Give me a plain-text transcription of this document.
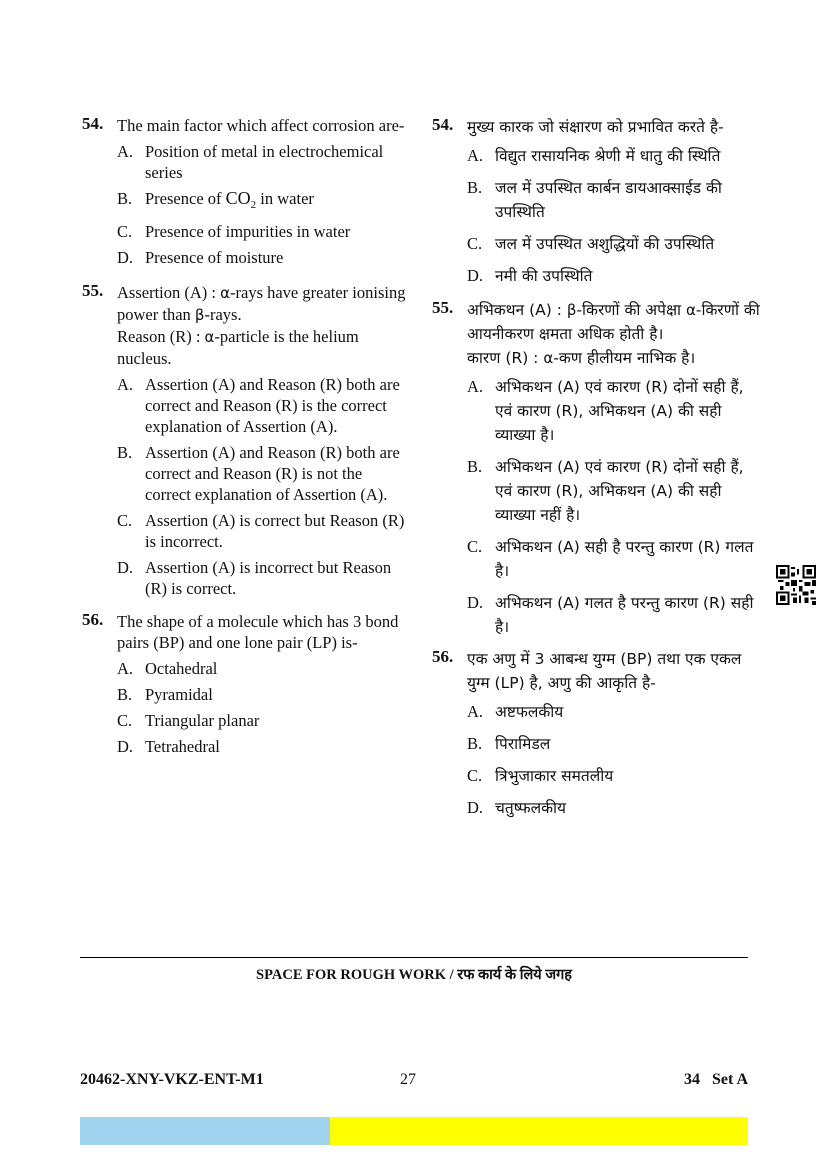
54. The main factor which affect corrosion are-
A. Position of metal in electrochemical series
B. Presence of $CO_2$ in water
C. Presence of impurities in water
D. Presence of moisture
55. Assertion (A) : α-rays have greater ionising power than β-rays.
Reason (R) : α-particle is the helium nucleus.
A. Assertion (A) and Reason (R) both are correct and Reason (R) is the correct explanation of Assertion (A).
B. Assertion (A) and Reason (R) both are correct and Reason (R) is not the correct explanation of Assertion (A).
C. Assertion (A) is correct but Reason (R) is incorrect.
D. Assertion (A) is incorrect but Reason (R) is correct.
56. The shape of a molecule which has 3 bond pairs (BP) and one lone pair (LP) is-
A. Octahedral
B. Pyramidal
C. Triangular planar
D. Tetrahedral
54. मुख्य कारक जो संक्षारण को प्रभावित करते है-
A. विद्युत रासायनिक श्रेणी में धातु की स्थिति
B. जल में उपस्थित कार्बन डायआक्साईड की उपस्थिति
C. जल में उपस्थित अशुद्धियों की उपस्थिति
D. नमी की उपस्थिति
55. अभिकथन (A) : β-किरणों की अपेक्षा α-किरणों की आयनीकरण क्षमता अधिक होती है।
कारण (R) : α-कण हीलीयम नाभिक है।
A. अभिकथन (A) एवं कारण (R) दोनों सही हैं, एवं कारण (R), अभिकथन (A) की सही व्याख्या है।
B. अभिकथन (A) एवं कारण (R) दोनों सही हैं, एवं कारण (R), अभिकथन (A) की सही व्याख्या नहीं है।
C. अभिकथन (A) सही है परन्तु कारण (R) गलत है।
D. अभिकथन (A) गलत है परन्तु कारण (R) सही है।
56. एक अणु में 3 आबन्ध युग्म (BP) तथा एक एकल युग्म (LP) है, अणु की आकृति है-
A. अष्टफलकीय
B. पिरामिडल
C. त्रिभुजाकार समतलीय
D. चतुष्फलकीय
SPACE FOR ROUGH WORK / रफ कार्य के लिये जगह
20462-XNY-VKZ-ENT-M1	27	34   Set A
